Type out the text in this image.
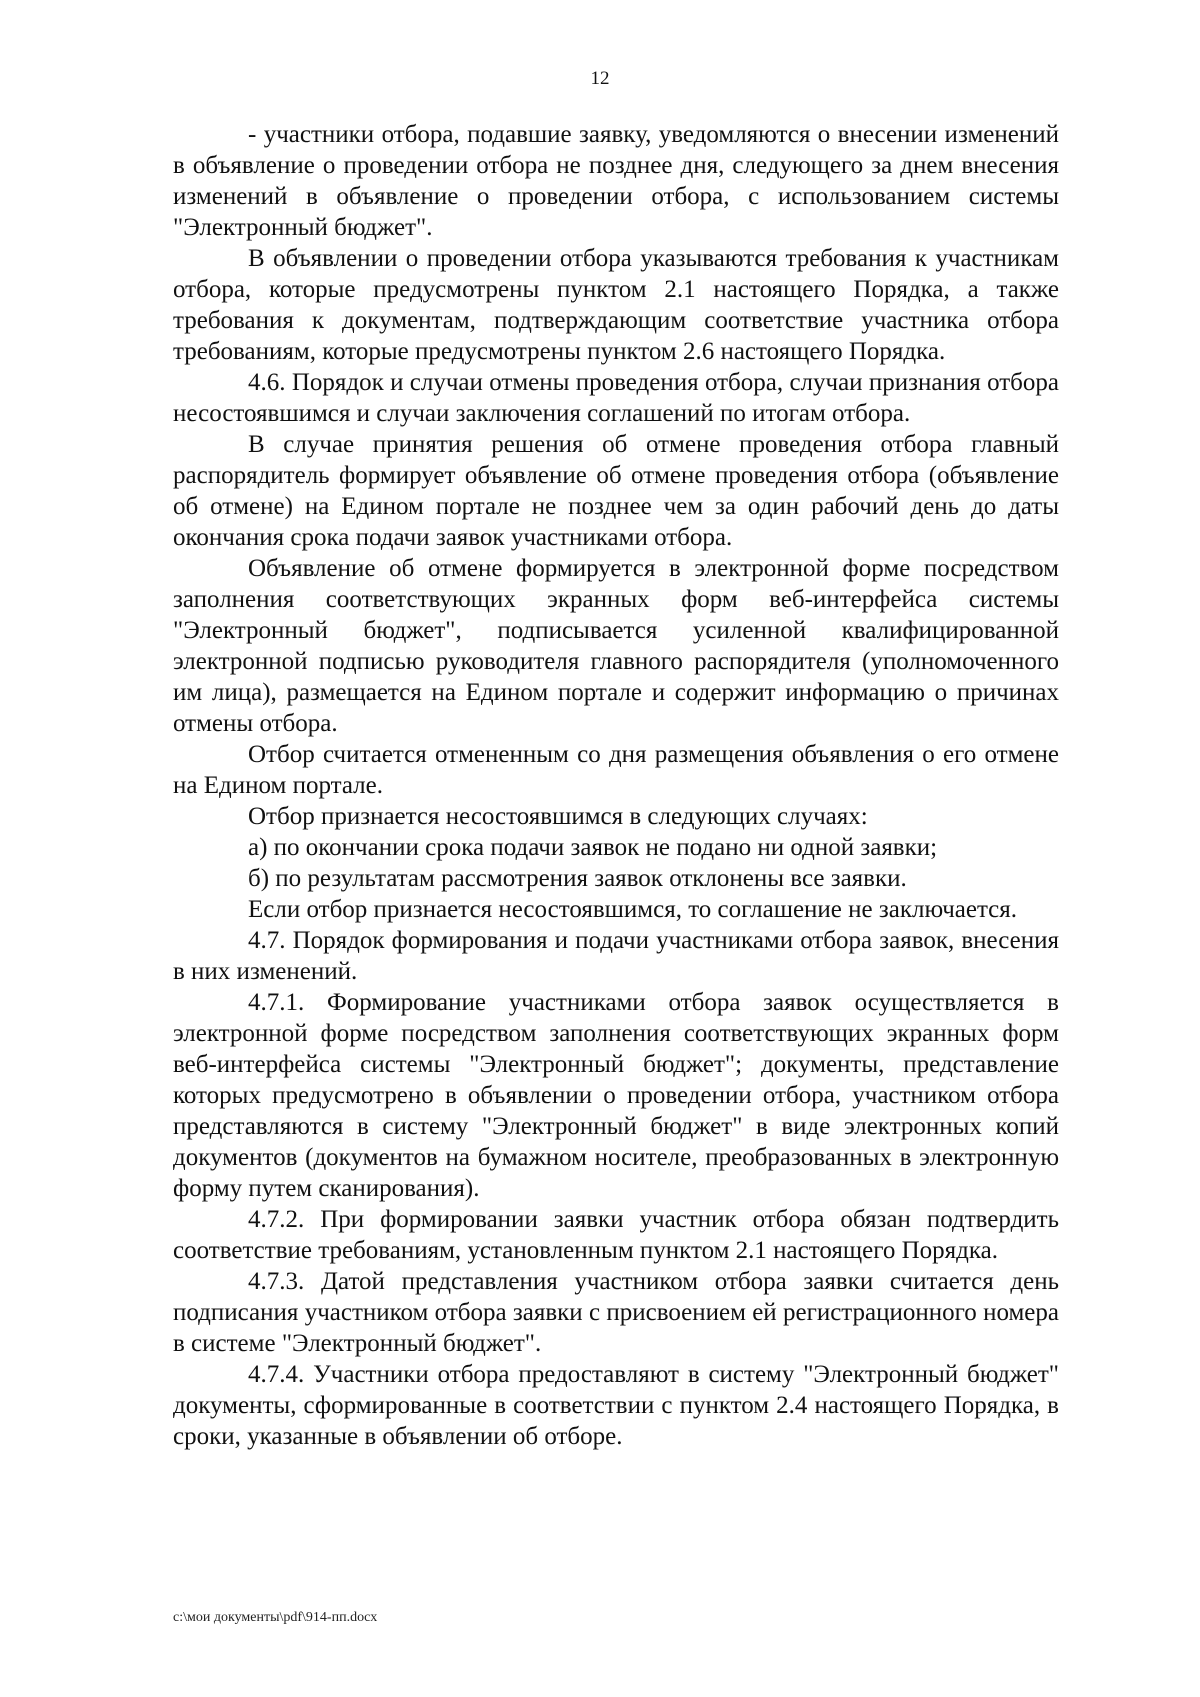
12

- участники отбора, подавшие заявку, уведомляются о внесении изменений в объявление о проведении отбора не позднее дня, следующего за днем внесения изменений в объявление о проведении отбора, с использованием системы "Электронный бюджет".

В объявлении о проведении отбора указываются требования к участникам отбора, которые предусмотрены пунктом 2.1 настоящего Порядка, а также требования к документам, подтверждающим соответствие участника отбора требованиям, которые предусмотрены пунктом 2.6 настоящего Порядка.

4.6. Порядок и случаи отмены проведения отбора, случаи признания отбора несостоявшимся и случаи заключения соглашений по итогам отбора.

В случае принятия решения об отмене проведения отбора главный распорядитель формирует объявление об отмене проведения отбора (объявление об отмене) на Едином портале не позднее чем за один рабочий день до даты окончания срока подачи заявок участниками отбора.

Объявление об отмене формируется в электронной форме посредством заполнения соответствующих экранных форм веб-интерфейса системы "Электронный бюджет", подписывается усиленной квалифицированной электронной подписью руководителя главного распорядителя (уполномоченного им лица), размещается на Едином портале и содержит информацию о причинах отмены отбора.

Отбор считается отмененным со дня размещения объявления о его отмене на Едином портале.

Отбор признается несостоявшимся в следующих случаях:

а) по окончании срока подачи заявок не подано ни одной заявки;

б) по результатам рассмотрения заявок отклонены все заявки.

Если отбор признается несостоявшимся, то соглашение не заключается.

4.7. Порядок формирования и подачи участниками отбора заявок, внесения в них изменений.

4.7.1. Формирование участниками отбора заявок осуществляется в электронной форме посредством заполнения соответствующих экранных форм веб-интерфейса системы "Электронный бюджет"; документы, представление которых предусмотрено в объявлении о проведении отбора, участником отбора представляются в систему "Электронный бюджет" в виде электронных копий документов (документов на бумажном носителе, преобразованных в электронную форму путем сканирования).

4.7.2. При формировании заявки участник отбора обязан подтвердить соответствие требованиям, установленным пунктом 2.1 настоящего Порядка.

4.7.3. Датой представления участником отбора заявки считается день подписания участником отбора заявки с присвоением ей регистрационного номера в системе "Электронный бюджет".

4.7.4. Участники отбора предоставляют в систему "Электронный бюджет" документы, сформированные в соответствии с пунктом 2.4 настоящего Порядка, в сроки, указанные в объявлении об отборе.

c:\мои документы\pdf\914-пп.docx
